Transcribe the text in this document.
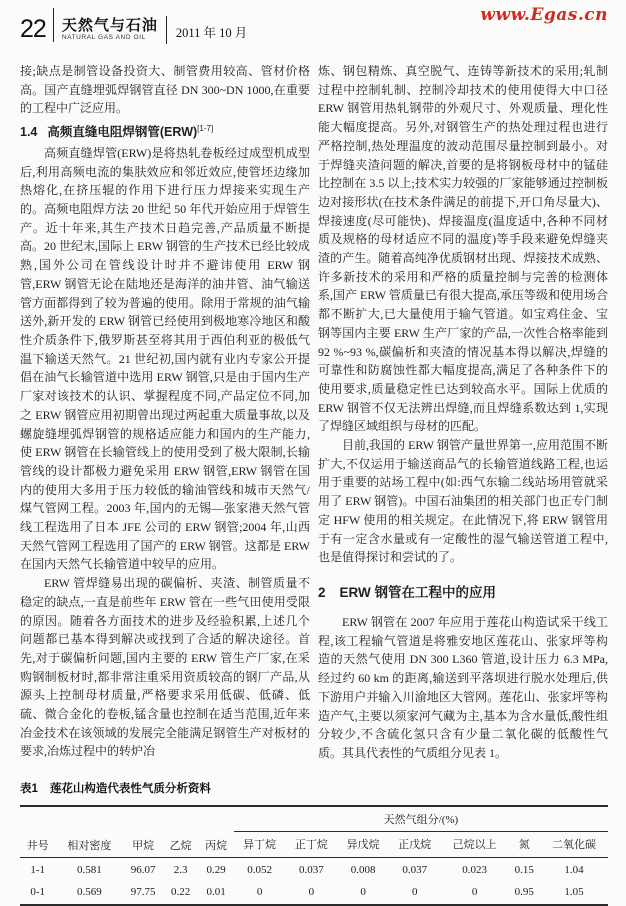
22	天然气与石油
NATURAL GAS AND OIL	2011 年 10 月
www.Egas.cn

接;缺点是制管设备投资大、制管费用较高、管材价格高。国产直缝埋弧焊钢管直径 DN 300~DN 1000,在重要的工程中广泛应用。

1.4 高频直缝电阻焊钢管(ERW)[1-7]

高频直缝焊管(ERW)是将热轧卷板经过成型机成型后,利用高频电流的集肤效应和邻近效应,使管坯边缘加热熔化,在挤压辊的作用下进行压力焊接来实现生产的。高频电阻焊方法 20 世纪 50 年代开始应用于焊管生产。近十年来,其生产技术日趋完善,产品质量不断提高。20 世纪末,国际上 ERW 钢管的生产技术已经比较成熟,国外公司在管线设计时并不避讳使用 ERW 钢管,ERW 钢管无论在陆地还是海洋的油井管、油气输送管方面都得到了较为普遍的使用。除用于常规的油气输送外,新开发的 ERW 钢管已经使用到极地寒冷地区和酸性介质条件下,俄罗斯甚至将其用于西伯利亚的极低气温下输送天然气。21 世纪初,国内就有业内专家公开提倡在油气长输管道中选用 ERW 钢管,只是由于国内生产厂家对该技术的认识、掌握程度不同,产品定位不同,加之 ERW 钢管应用初期曾出现过两起重大质量事故,以及螺旋缝埋弧焊钢管的规格适应能力和国内的生产能力,使 ERW 钢管在长输管线上的使用受到了极大限制,长输管线的设计都极力避免采用 ERW 钢管,ERW 钢管在国内的使用大多用于压力较低的输油管线和城市天然气/煤气管网工程。2003 年,国内的无锡—张家港天然气管线工程选用了日本 JFE 公司的 ERW 钢管;2004 年,山西天然气管网工程选用了国产的 ERW 钢管。这都是 ERW 在国内天然气长输管道中较早的应用。

ERW 管焊缝易出现的碳偏析、夹渣、制管质量不稳定的缺点,一直是前些年 ERW 管在一些气田使用受限的原因。随着各方面技术的进步及经验积累,上述几个问题都已基本得到解决或找到了合适的解决途径。首先,对于碳偏析问题,国内主要的 ERW 管生产厂家,在采购钢制板材时,都非常注重采用资质较高的钢厂产品,从源头上控制母材质量,严格要求采用低碳、低磷、低硫、微合金化的卷板,锰含量也控制在适当范围,近年来冶金技术在该领域的发展完全能满足钢管生产对板材的要求,冶炼过程中的转炉冶

炼、钢包精炼、真空脱气、连铸等新技术的采用;轧制过程中控制轧制、控制冷却技术的使用使得大中口径 ERW 钢管用热轧钢带的外观尺寸、外观质量、理化性能大幅度提高。另外,对钢管生产的热处理过程也进行严格控制,热处理温度的波动范围尽量控制到最小。对于焊缝夹渣问题的解决,首要的是将钢板母材中的锰硅比控制在 3.5 以上;技术实力较强的厂家能够通过控制板边对接形状(在技术条件满足的前提下,开口角尽量大)、焊接速度(尽可能快)、焊接温度(温度适中,各种不同材质及规格的母材适应不同的温度)等手段来避免焊缝夹渣的产生。随着高纯净优质钢材出现、焊接技术成熟、许多新技术的采用和严格的质量控制与完善的检测体系,国产 ERW 管质量已有很大提高,承压等级和使用场合都不断扩大,已大量使用于输气管道。如宝鸡住金、宝钢等国内主要 ERW 生产厂家的产品,一次性合格率能到 92 %~93 %,碳偏析和夹渣的情况基本得以解决,焊缝的可靠性和防腐蚀性都大幅度提高,满足了各种条件下的使用要求,质量稳定性已达到较高水平。国际上优质的 ERW 钢管不仅无法辨出焊缝,而且焊缝系数达到 1,实现了焊缝区域组织与母材的匹配。

目前,我国的 ERW 钢管产量世界第一,应用范围不断扩大,不仅运用于输送商品气的长输管道线路工程,也运用于重要的站场工程中(如:西气东输二线站场用管就采用了 ERW 钢管)。中国石油集团的相关部门也正专门制定 HFW 使用的相关规定。在此情况下,将 ERW 钢管用于有一定含水量或有一定酸性的湿气输送管道工程中,也是值得探讨和尝试的了。

2 ERW 钢管在工程中的应用

ERW 钢管在 2007 年应用于莲花山构造试采干线工程,该工程输气管道是将雅安地区莲花山、张家坪等构造的天然气使用 DN 300 L360 管道,设计压力 6.3 MPa,经过约 60 km 的距离,输送到平落坝进行脱水处理后,供下游用户并输入川渝地区大管网。莲花山、张家坪等构造产气,主要以须家河气藏为主,基本为含水量低,酸性组分较少,不含硫化氢只含有少量二氧化碳的低酸性气质。其具代表性的气质组分见表 1。

表1 莲花山构造代表性气质分析资料
井号	相对密度	甲烷	乙烷	丙烷	天然气组分/(%)						
					异丁烷	正丁烷	异戊烷	正戊烷	己烷以上	氮	二氧化碳
1-1	0.581	96.07	2.3	0.29	0.052	0.037	0.008	0.037	0.023	0.15	1.04
0-1	0.569	97.75	0.22	0.01	0	0	0	0	0	0.95	1.05
